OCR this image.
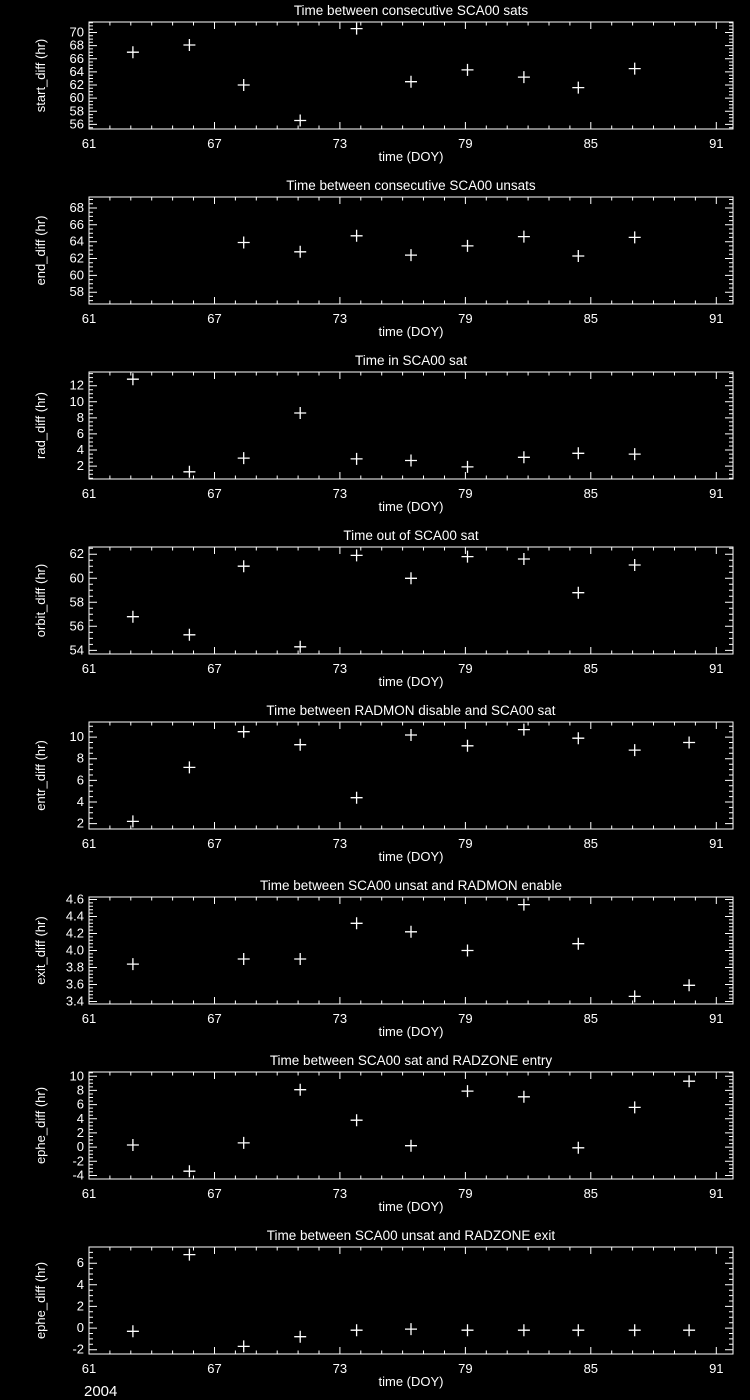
Time between consecutive SCA00 sats
61	67	73	79	85	91
56
58
60
62
64
66
68
70
time (DOY)
start_diff (hr)
Time between consecutive SCA00 unsats
61	67	73	79	85	91
58
60
62
64
66
68
time (DOY)
end_diff (hr)
Time in SCA00 sat
61	67	73	79	85	91
2
4
6
8
10
12
time (DOY)
rad_diff (hr)
Time out of SCA00 sat
61	67	73	79	85	91
54
56
58
60
62
time (DOY)
orbit_diff (hr)
Time between RADMON disable and SCA00 sat
61	67	73	79	85	91
2
4
6
8
10
time (DOY)
entr_diff (hr)
Time between SCA00 unsat and RADMON enable
61	67	73	79	85	91
3.4
3.6
3.8
4.0
4.2
4.4
4.6
time (DOY)
exit_diff (hr)
Time between SCA00 sat and RADZONE entry
61	67	73	79	85	91
-4
-2
0
2
4
6
8
10
time (DOY)
ephe_diff (hr)
Time between SCA00 unsat and RADZONE exit
61	67	73	79	85	91
-2
0
2
4
6
time (DOY)
ephe_diff (hr)
2004
